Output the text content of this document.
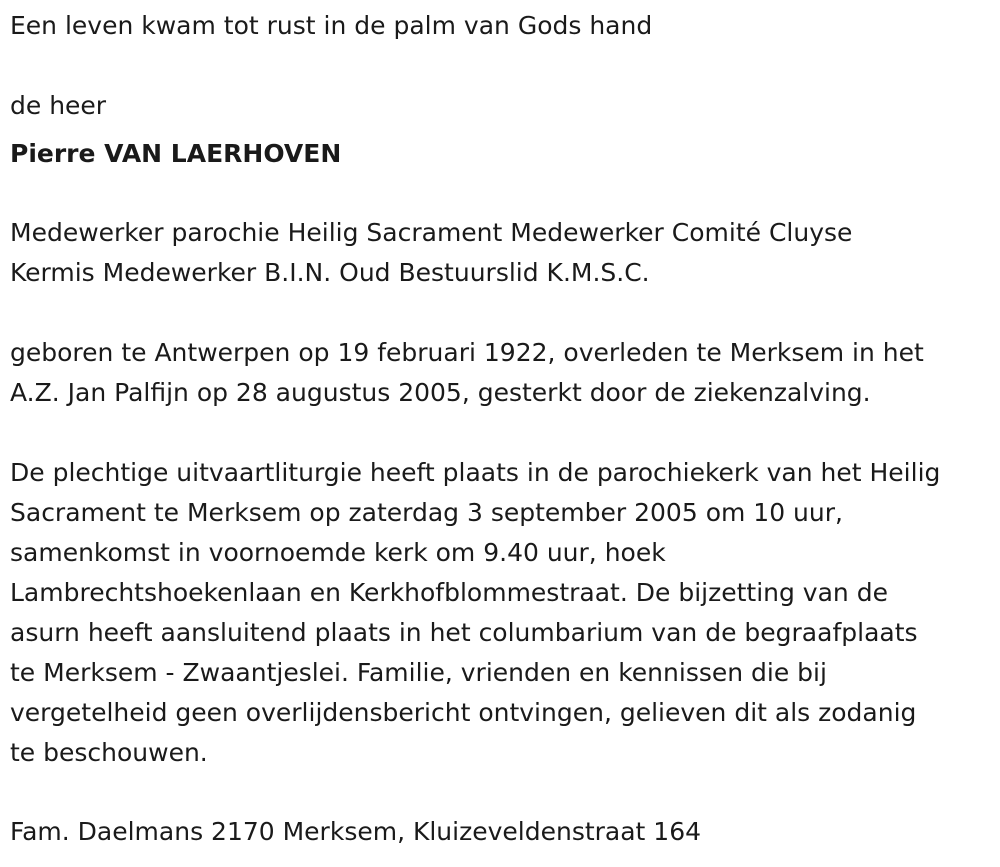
Een leven kwam tot rust in de palm van Gods hand
de heer
Pierre VAN LAERHOVEN
Medewerker parochie Heilig Sacrament Medewerker Comité Cluyse
Kermis Medewerker B.I.N. Oud Bestuurslid K.M.S.C.
geboren te Antwerpen op 19 februari 1922, overleden te Merksem in het
A.Z. Jan Palfijn op 28 augustus 2005, gesterkt door de ziekenzalving.
De plechtige uitvaartliturgie heeft plaats in de parochiekerk van het Heilig
Sacrament te Merksem op zaterdag 3 september 2005 om 10 uur,
samenkomst in voornoemde kerk om 9.40 uur, hoek
Lambrechtshoekenlaan en Kerkhofblommestraat. De bijzetting van de
asurn heeft aansluitend plaats in het columbarium van de begraafplaats
te Merksem - Zwaantjeslei. Familie, vrienden en kennissen die bij
vergetelheid geen overlijdensbericht ontvingen, gelieven dit als zodanig
te beschouwen.
Fam. Daelmans 2170 Merksem, Kluizeveldenstraat 164
